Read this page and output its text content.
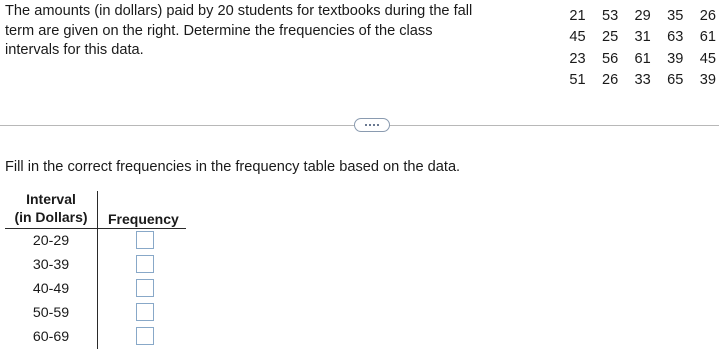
The amounts (in dollars) paid by 20 students for textbooks during the fall
term are given on the right. Determine the frequencies of the class
intervals for this data.
21	53	29	35	26
45	25	31	63	61
23	56	61	39	45
51	26	33	65	39
Fill in the correct frequencies in the frequency table based on the data.
Interval
(in Dollars)	Frequency
20-29
30-39
40-49
50-59
60-69
